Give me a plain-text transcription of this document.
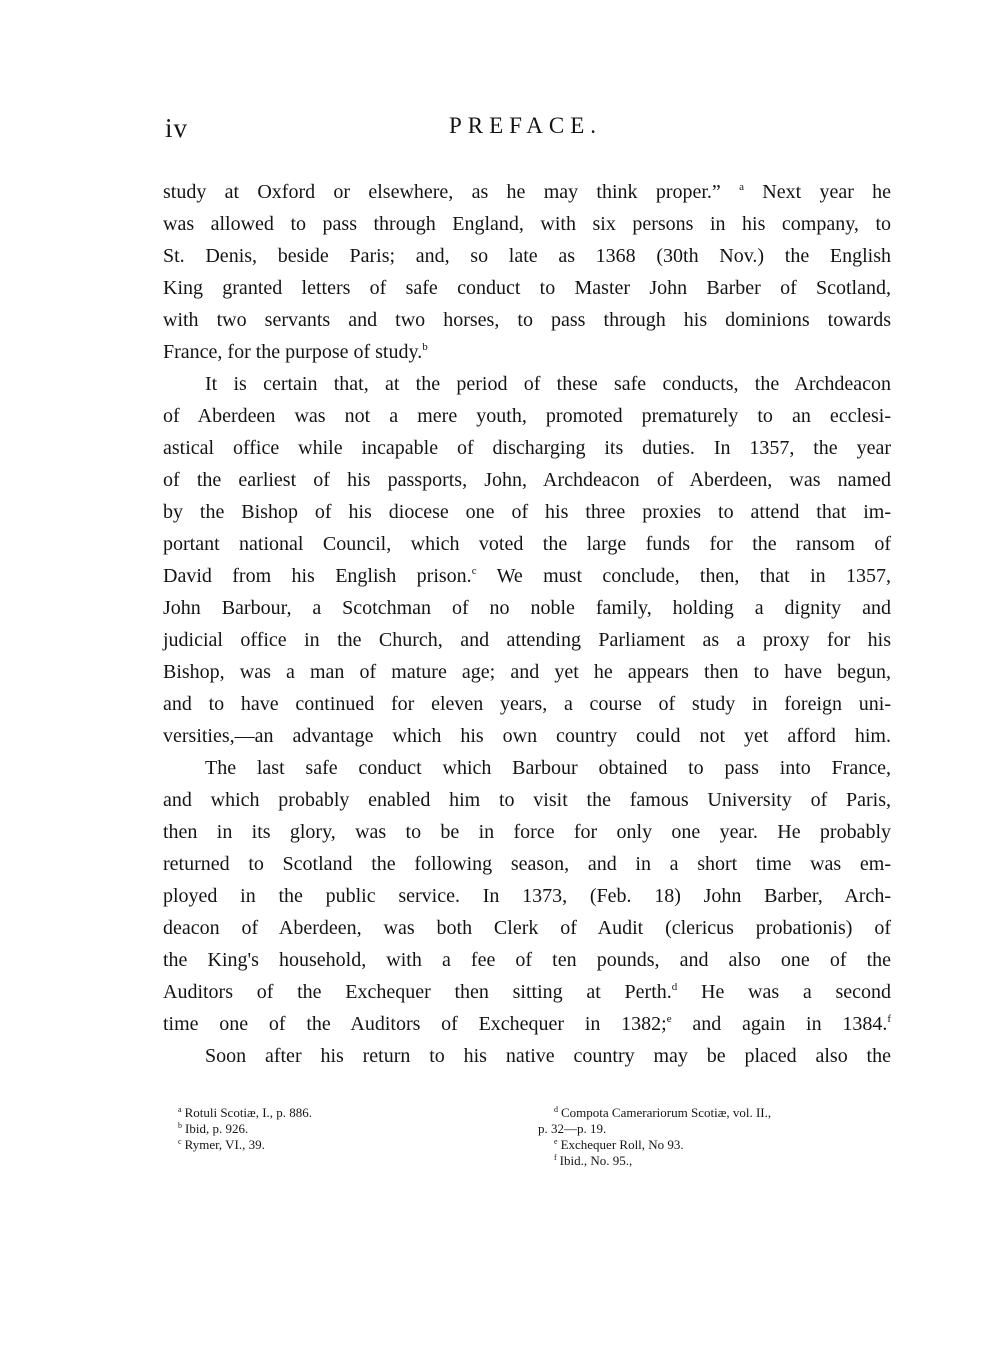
iv	PREFACE.
study at Oxford or elsewhere, as he may think proper.” $^a$ Next year he
was allowed to pass through England, with six persons in his company, to
St. Denis, beside Paris; and, so late as 1368 (30th Nov.) the English
King granted letters of safe conduct to Master John Barber of Scotland,
with two servants and two horses, to pass through his dominions towards
France, for the purpose of study.$^b$
It is certain that, at the period of these safe conducts, the Archdeacon
of Aberdeen was not a mere youth, promoted prematurely to an ecclesi-
astical office while incapable of discharging its duties. In 1357, the year
of the earliest of his passports, John, Archdeacon of Aberdeen, was named
by the Bishop of his diocese one of his three proxies to attend that im-
portant national Council, which voted the large funds for the ransom of
David from his English prison.$^c$ We must conclude, then, that in 1357,
John Barbour, a Scotchman of no noble family, holding a dignity and
judicial office in the Church, and attending Parliament as a proxy for his
Bishop, was a man of mature age; and yet he appears then to have begun,
and to have continued for eleven years, a course of study in foreign uni-
versities,—an advantage which his own country could not yet afford him.
The last safe conduct which Barbour obtained to pass into France,
and which probably enabled him to visit the famous University of Paris,
then in its glory, was to be in force for only one year. He probably
returned to Scotland the following season, and in a short time was em-
ployed in the public service. In 1373, (Feb. 18) John Barber, Arch-
deacon of Aberdeen, was both Clerk of Audit (clericus probationis) of
the King's household, with a fee of ten pounds, and also one of the
Auditors of the Exchequer then sitting at Perth.$^d$ He was a second
time one of the Auditors of Exchequer in 1382;$^e$ and again in 1384.$^f$
Soon after his return to his native country may be placed also the
$^a$ Rotuli Scotiæ, I., p. 886.
$^b$ Ibid, p. 926.
$^c$ Rymer, VI., 39.
$^d$ Compota Camerariorum Scotiæ, vol. II.,
p. 32—p. 19.
$^e$ Exchequer Roll, No 93.
$^f$ Ibid., No. 95.,
